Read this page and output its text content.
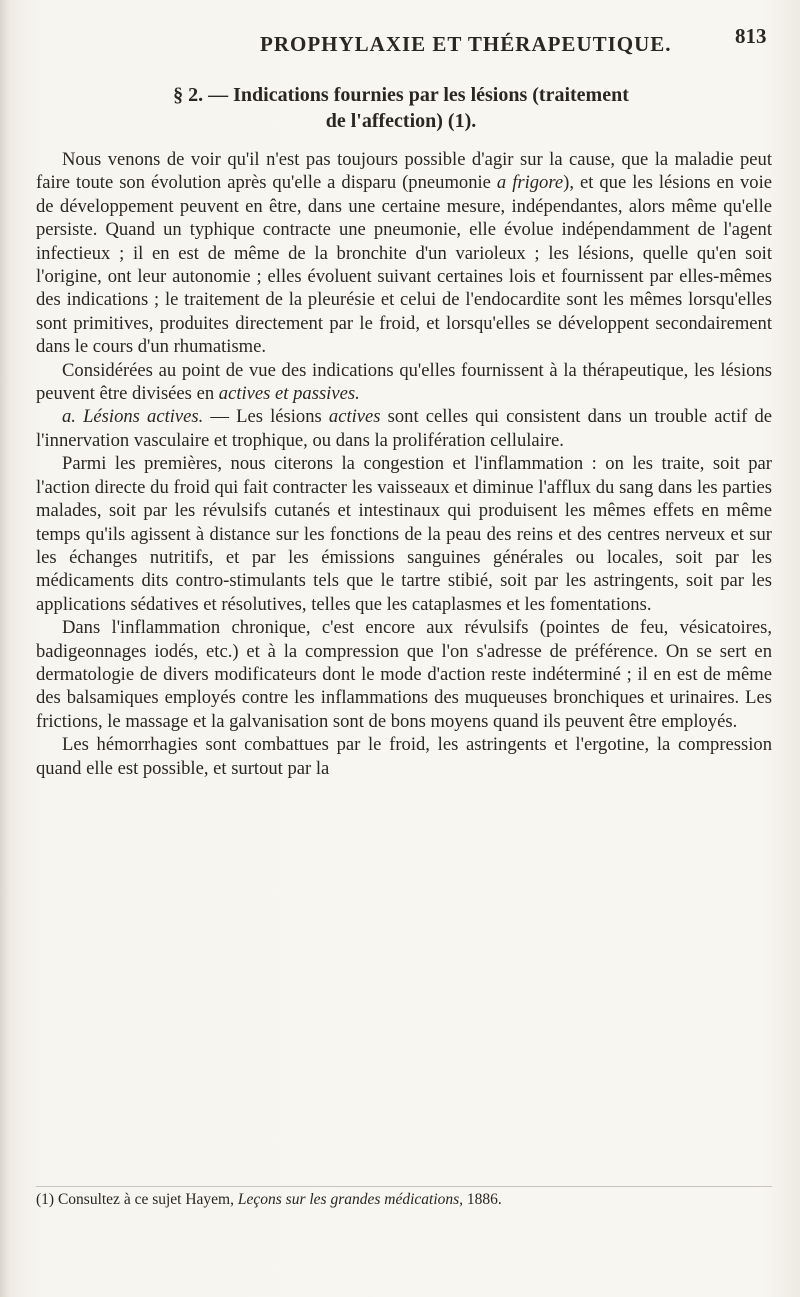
PROPHYLAXIE ET THÉRAPEUTIQUE.	813
§ 2. — Indications fournies par les lésions (traitement
de l'affection) (1).

Nous venons de voir qu'il n'est pas toujours possible d'agir sur la cause, que la maladie peut faire toute son évolution après qu'elle a disparu (pneumonie a frigore), et que les lésions en voie de développement peuvent en être, dans une certaine mesure, indépendantes, alors même qu'elle persiste. Quand un typhique contracte une pneumonie, elle évolue indépendamment de l'agent infectieux ; il en est de même de la bronchite d'un varioleux ; les lésions, quelle qu'en soit l'origine, ont leur autonomie ; elles évoluent suivant certaines lois et fournissent par elles-mêmes des indications ; le traitement de la pleurésie et celui de l'endocardite sont les mêmes lorsqu'elles sont primitives, produites directement par le froid, et lorsqu'elles se développent secondairement dans le cours d'un rhumatisme.

Considérées au point de vue des indications qu'elles fournissent à la thérapeutique, les lésions peuvent être divisées en actives et passives.

a. Lésions actives. — Les lésions actives sont celles qui consistent dans un trouble actif de l'innervation vasculaire et trophique, ou dans la prolifération cellulaire.

Parmi les premières, nous citerons la congestion et l'inflammation : on les traite, soit par l'action directe du froid qui fait contracter les vaisseaux et diminue l'afflux du sang dans les parties malades, soit par les révulsifs cutanés et intestinaux qui produisent les mêmes effets en même temps qu'ils agissent à distance sur les fonctions de la peau des reins et des centres nerveux et sur les échanges nutritifs, et par les émissions sanguines générales ou locales, soit par les médicaments dits contro-stimulants tels que le tartre stibié, soit par les astringents, soit par les applications sédatives et résolutives, telles que les cataplasmes et les fomentations.

Dans l'inflammation chronique, c'est encore aux révulsifs (pointes de feu, vésicatoires, badigeonnages iodés, etc.) et à la compression que l'on s'adresse de préférence. On se sert en dermatologie de divers modificateurs dont le mode d'action reste indéterminé ; il en est de même des balsamiques employés contre les inflammations des muqueuses bronchiques et urinaires. Les frictions, le massage et la galvanisation sont de bons moyens quand ils peuvent être employés.

Les hémorrhagies sont combattues par le froid, les astringents et l'ergotine, la compression quand elle est possible, et surtout par la

(1) Consultez à ce sujet Hayem, Leçons sur les grandes médications, 1886.
